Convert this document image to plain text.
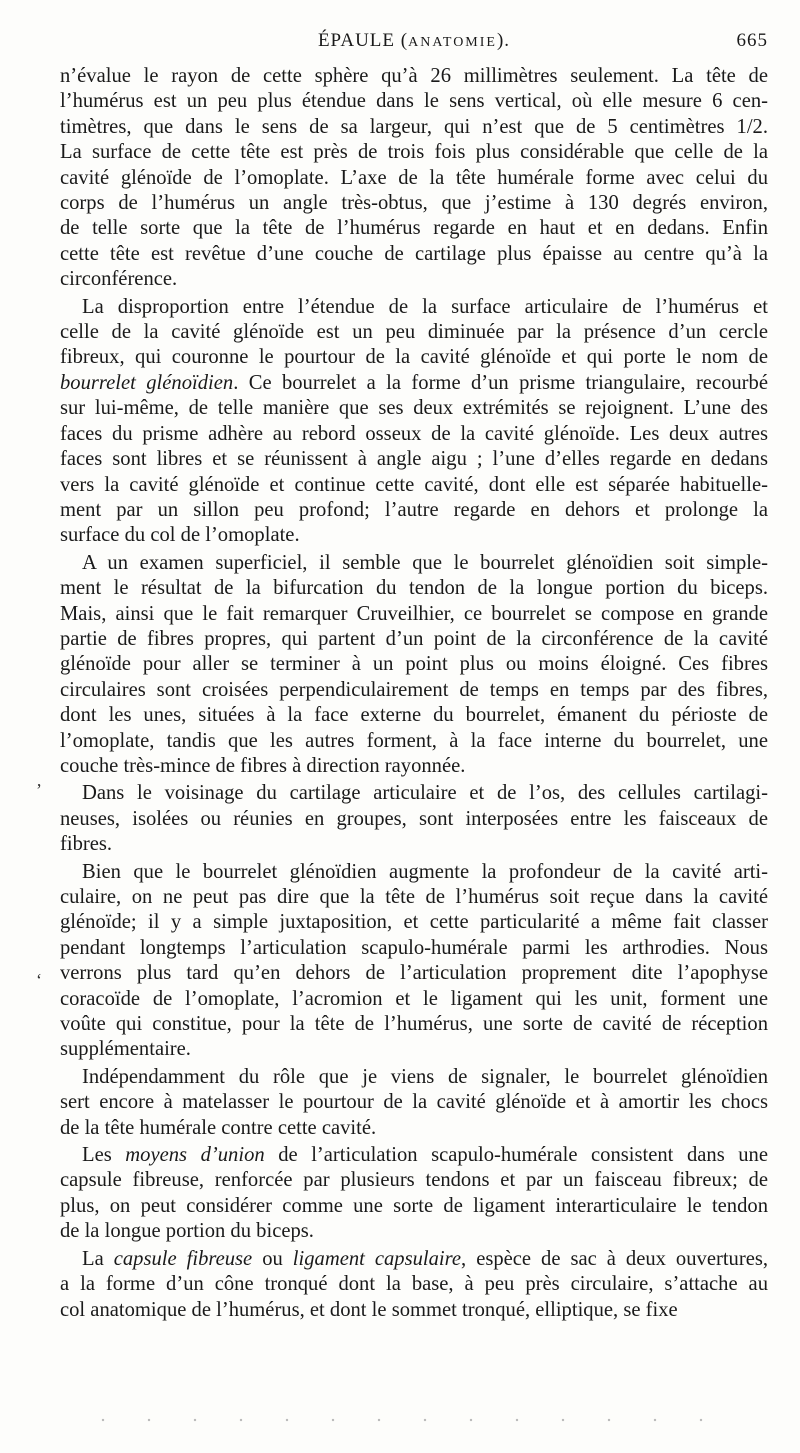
ÉPAULE (ANATOMIE).	665
‚
‘
n’évalue le rayon de cette sphère qu’à 26 millimètres seulement. La tête de
l’humérus est un peu plus étendue dans le sens vertical, où elle mesure 6 cen-
timètres, que dans le sens de sa largeur, qui n’est que de 5 centimètres 1/2.
La surface de cette tête est près de trois fois plus considérable que celle de la
cavité glénoïde de l’omoplate. L’axe de la tête humérale forme avec celui du
corps de l’humérus un angle très-obtus, que j’estime à 130 degrés environ,
de telle sorte que la tête de l’humérus regarde en haut et en dedans. Enfin
cette tête est revêtue d’une couche de cartilage plus épaisse au centre qu’à la
circonférence.
La disproportion entre l’étendue de la surface articulaire de l’humérus et
celle de la cavité glénoïde est un peu diminuée par la présence d’un cercle
fibreux, qui couronne le pourtour de la cavité glénoïde et qui porte le nom de
bourrelet glénoïdien. Ce bourrelet a la forme d’un prisme triangulaire, recourbé
sur lui-même, de telle manière que ses deux extrémités se rejoignent. L’une des
faces du prisme adhère au rebord osseux de la cavité glénoïde. Les deux autres
faces sont libres et se réunissent à angle aigu ; l’une d’elles regarde en dedans
vers la cavité glénoïde et continue cette cavité, dont elle est séparée habituelle-
ment par un sillon peu profond; l’autre regarde en dehors et prolonge la
surface du col de l’omoplate.
A un examen superficiel, il semble que le bourrelet glénoïdien soit simple-
ment le résultat de la bifurcation du tendon de la longue portion du biceps.
Mais, ainsi que le fait remarquer Cruveilhier, ce bourrelet se compose en grande
partie de fibres propres, qui partent d’un point de la circonférence de la cavité
glénoïde pour aller se terminer à un point plus ou moins éloigné. Ces fibres
circulaires sont croisées perpendiculairement de temps en temps par des fibres,
dont les unes, situées à la face externe du bourrelet, émanent du périoste de
l’omoplate, tandis que les autres forment, à la face interne du bourrelet, une
couche très-mince de fibres à direction rayonnée.
Dans le voisinage du cartilage articulaire et de l’os, des cellules cartilagi-
neuses, isolées ou réunies en groupes, sont interposées entre les faisceaux de
fibres.
Bien que le bourrelet glénoïdien augmente la profondeur de la cavité arti-
culaire, on ne peut pas dire que la tête de l’humérus soit reçue dans la cavité
glénoïde; il y a simple juxtaposition, et cette particularité a même fait classer
pendant longtemps l’articulation scapulo-humérale parmi les arthrodies. Nous
verrons plus tard qu’en dehors de l’articulation proprement dite l’apophyse
coracoïde de l’omoplate, l’acromion et le ligament qui les unit, forment une
voûte qui constitue, pour la tête de l’humérus, une sorte de cavité de réception
supplémentaire.
Indépendamment du rôle que je viens de signaler, le bourrelet glénoïdien
sert encore à matelasser le pourtour de la cavité glénoïde et à amortir les chocs
de la tête humérale contre cette cavité.
Les moyens d’union de l’articulation scapulo-humérale consistent dans une
capsule fibreuse, renforcée par plusieurs tendons et par un faisceau fibreux; de
plus, on peut considérer comme une sorte de ligament interarticulaire le tendon
de la longue portion du biceps.
La capsule fibreuse ou ligament capsulaire, espèce de sac à deux ouvertures,
a la forme d’un cône tronqué dont la base, à peu près circulaire, s’attache au
col anatomique de l’humérus, et dont le sommet tronqué, elliptique, se fixe
